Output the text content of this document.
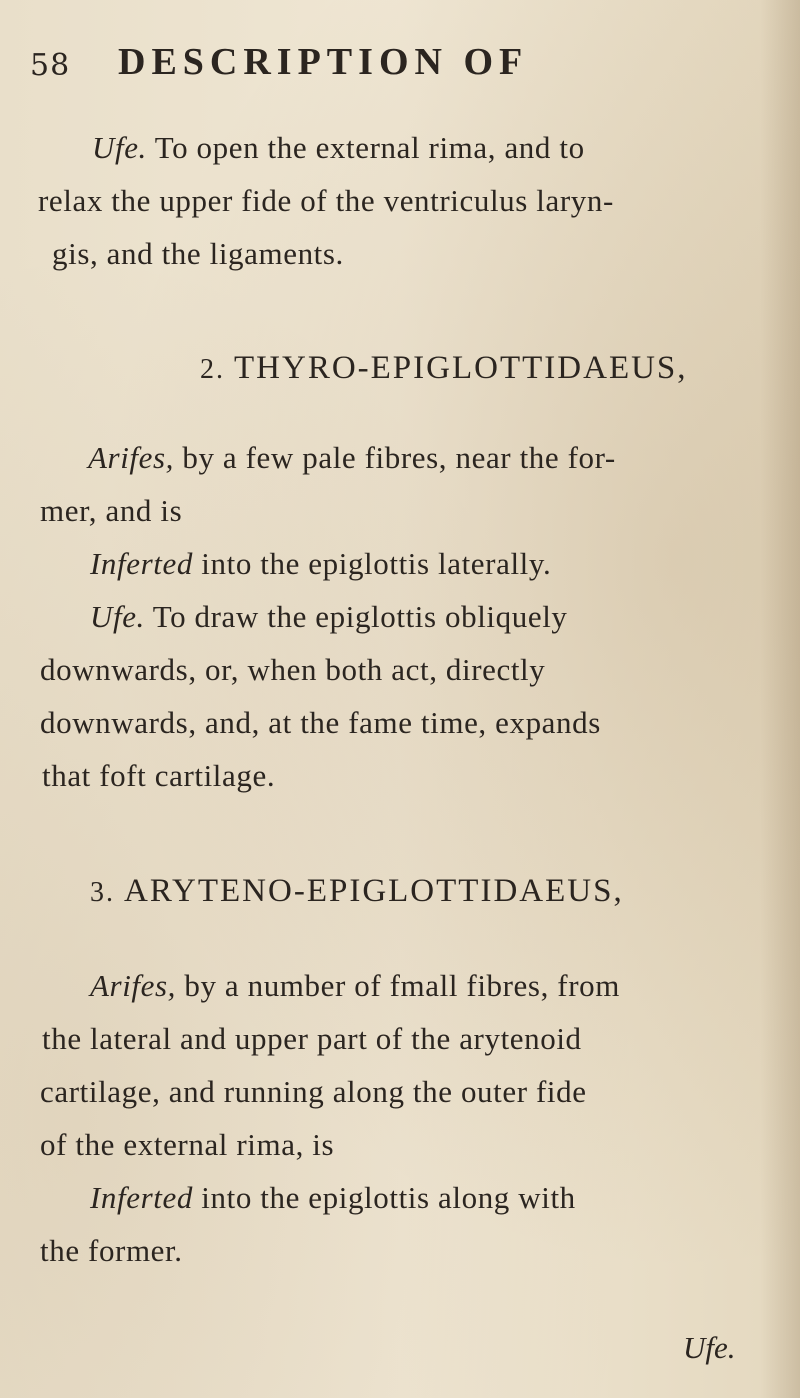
58 DESCRIPTION OF
Ufe. To open the external rima, and to
relax the upper fide of the ventriculus laryn-
gis, and the ligaments.
2. THYRO-EPIGLOTTIDAEUS,
Arifes, by a few pale fibres, near the for-
mer, and is
Inferted into the epiglottis laterally.
Ufe. To draw the epiglottis obliquely
downwards, or, when both act, directly
downwards, and, at the fame time, expands
that foft cartilage.
3. ARYTENO-EPIGLOTTIDAEUS,
Arifes, by a number of fmall fibres, from
the lateral and upper part of the arytenoid
cartilage, and running along the outer fide
of the external rima, is
Inferted into the epiglottis along with
the former.
Ufe.
